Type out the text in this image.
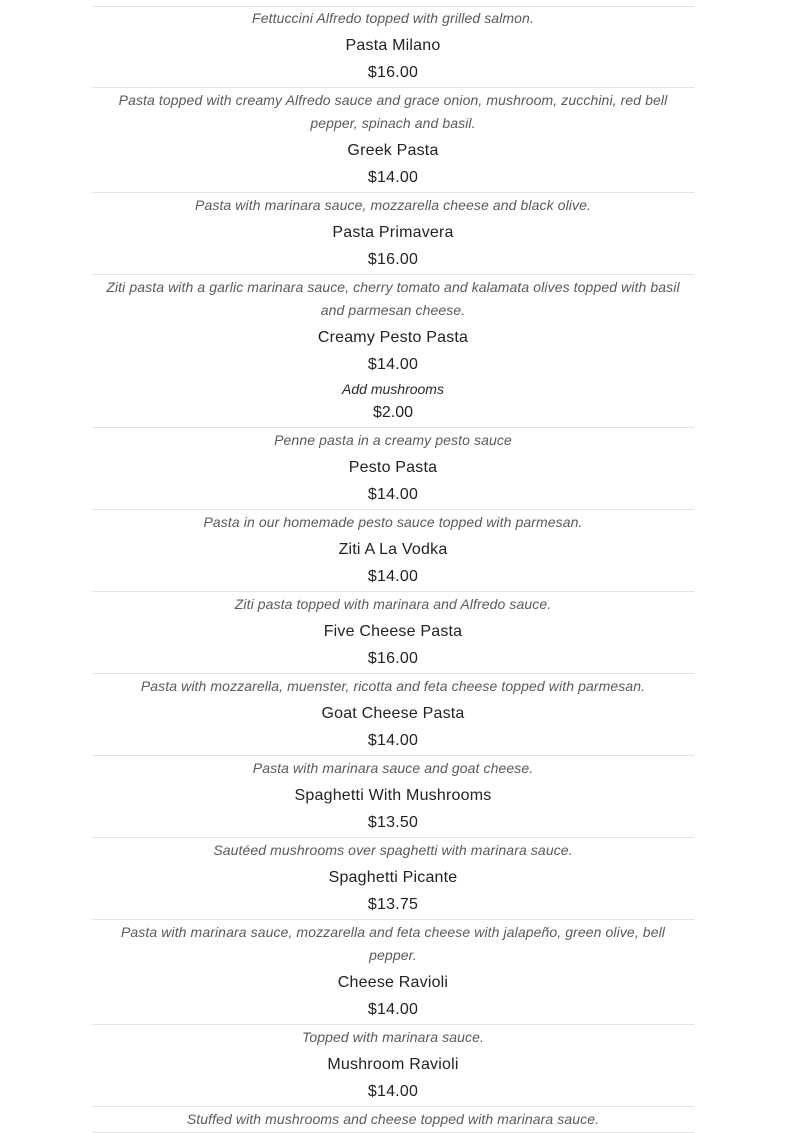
Fettuccini Alfredo topped with grilled salmon.
Pasta Milano
$16.00
Pasta topped with creamy Alfredo sauce and grace onion, mushroom, zucchini, red bell pepper, spinach and basil.
Greek Pasta
$14.00
Pasta with marinara sauce, mozzarella cheese and black olive.
Pasta Primavera
$16.00
Ziti pasta with a garlic marinara sauce, cherry tomato and kalamata olives topped with basil and parmesan cheese.
Creamy Pesto Pasta
$14.00
Add mushrooms
$2.00
Penne pasta in a creamy pesto sauce
Pesto Pasta
$14.00
Pasta in our homemade pesto sauce topped with parmesan.
Ziti A La Vodka
$14.00
Ziti pasta topped with marinara and Alfredo sauce.
Five Cheese Pasta
$16.00
Pasta with mozzarella, muenster, ricotta and feta cheese topped with parmesan.
Goat Cheese Pasta
$14.00
Pasta with marinara sauce and goat cheese.
Spaghetti With Mushrooms
$13.50
Sautéed mushrooms over spaghetti with marinara sauce.
Spaghetti Picante
$13.75
Pasta with marinara sauce, mozzarella and feta cheese with jalapeño, green olive, bell pepper.
Cheese Ravioli
$14.00
Topped with marinara sauce.
Mushroom Ravioli
$14.00
Stuffed with mushrooms and cheese topped with marinara sauce.
